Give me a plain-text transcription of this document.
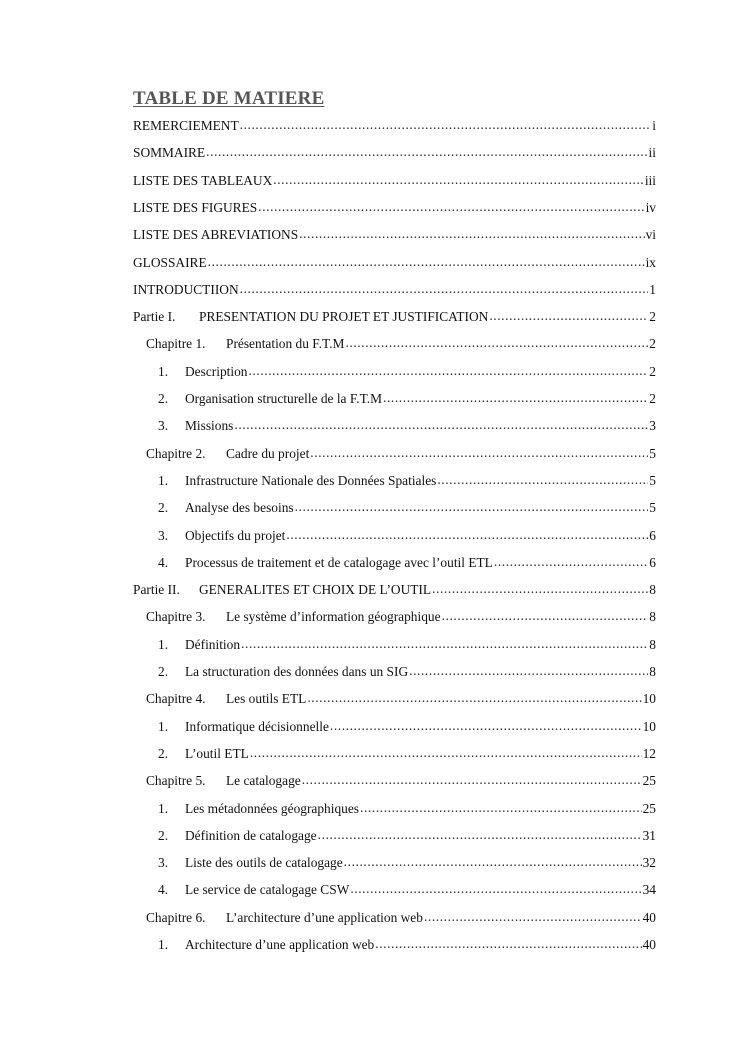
TABLE DE MATIERE
REMERCIEMENT .....	i
SOMMAIRE .....	ii
LISTE DES TABLEAUX .....	iii
LISTE DES FIGURES .....	iv
LISTE DES ABREVIATIONS .....	vi
GLOSSAIRE .....	ix
INTRODUCTIION .....	1
Partie I.	PRESENTATION DU PROJET ET JUSTIFICATION .....	2
Chapitre 1.	Présentation du F.T.M .....	2
1.	Description .....	2
2.	Organisation structurelle de la F.T.M .....	2
3.	Missions .....	3
Chapitre 2.	Cadre du projet .....	5
1.	Infrastructure Nationale des Données Spatiales .....	5
2.	Analyse des besoins .....	5
3.	Objectifs du projet .....	6
4.	Processus de traitement et de catalogage avec l’outil ETL .....	6
Partie II.	GENERALITES ET CHOIX DE L’OUTIL .....	8
Chapitre 3.	Le système d’information géographique .....	8
1.	Définition .....	8
2.	La structuration des données dans un SIG .....	8
Chapitre 4.	Les outils ETL .....	10
1.	Informatique décisionnelle .....	10
2.	L’outil ETL .....	12
Chapitre 5.	Le catalogage .....	25
1.	Les métadonnées géographiques .....	25
2.	Définition de catalogage .....	31
3.	Liste des outils de catalogage .....	32
4.	Le service de catalogage CSW .....	34
Chapitre 6.	L’architecture d’une application web .....	40
1.	Architecture d’une application web .....	40
